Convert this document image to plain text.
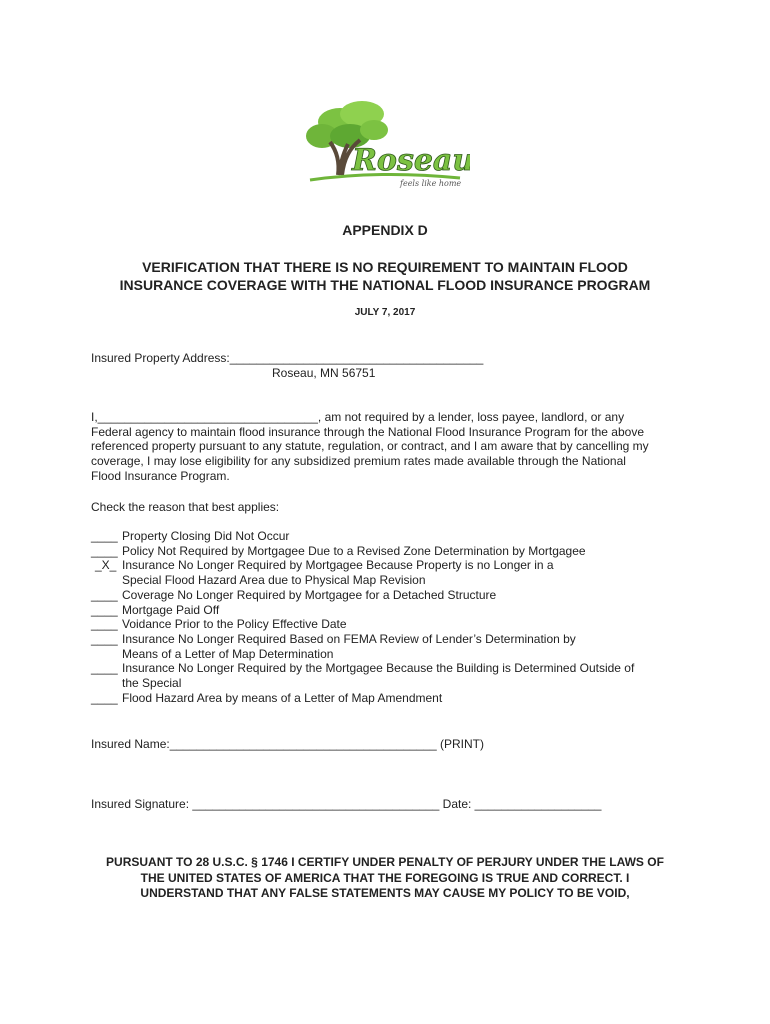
Roseau
feels like home
APPENDIX D
VERIFICATION THAT THERE IS NO REQUIREMENT TO MAINTAIN FLOOD
INSURANCE COVERAGE WITH THE NATIONAL FLOOD INSURANCE PROGRAM
JULY 7, 2017
Insured Property Address:______________________________________
Roseau, MN 56751
I,_________________________________, am not required by a lender, loss payee, landlord, or any
Federal agency to maintain flood insurance through the National Flood Insurance Program for the above
referenced property pursuant to any statute, regulation, or contract, and I am aware that by cancelling my
coverage, I may lose eligibility for any subsidized premium rates made available through the National
Flood Insurance Program.
Check the reason that best applies:
____ Property Closing Did Not Occur
____ Policy Not Required by Mortgagee Due to a Revised Zone Determination by Mortgagee
_X_ Insurance No Longer Required by Mortgagee Because Property is no Longer in a
Special Flood Hazard Area due to Physical Map Revision
____ Coverage No Longer Required by Mortgagee for a Detached Structure
____ Mortgage Paid Off
____ Voidance Prior to the Policy Effective Date
____ Insurance No Longer Required Based on FEMA Review of Lender’s Determination by
Means of a Letter of Map Determination
____ Insurance No Longer Required by the Mortgagee Because the Building is Determined Outside of
the Special
____ Flood Hazard Area by means of a Letter of Map Amendment
Insured Name:________________________________________ (PRINT)
Insured Signature: _____________________________________ Date: ___________________
PURSUANT TO 28 U.S.C. § 1746 I CERTIFY UNDER PENALTY OF PERJURY UNDER THE LAWS OF
THE UNITED STATES OF AMERICA THAT THE FOREGOING IS TRUE AND CORRECT. I
UNDERSTAND THAT ANY FALSE STATEMENTS MAY CAUSE MY POLICY TO BE VOID,
